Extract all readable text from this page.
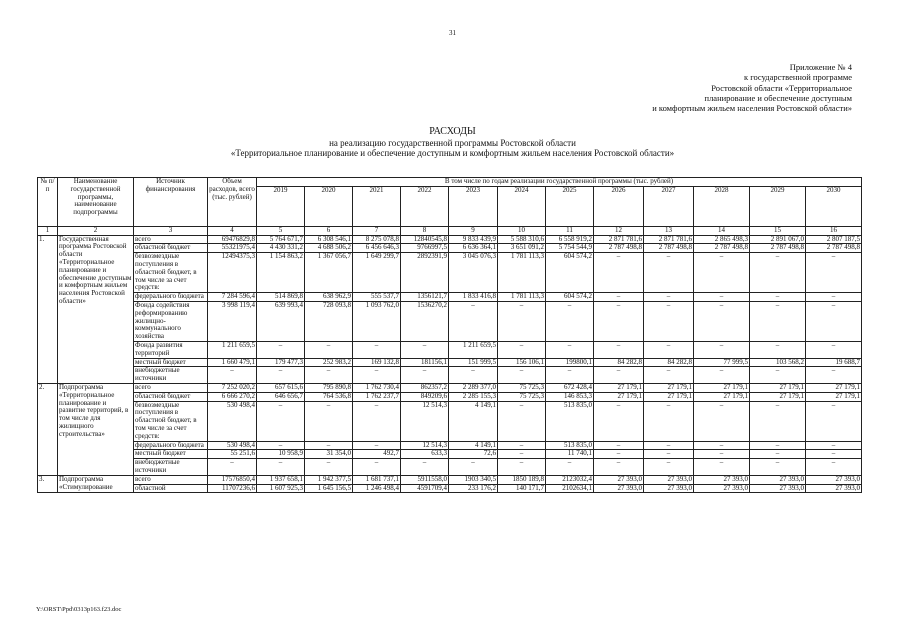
31
Приложение № 4
к государственной программе
Ростовской области «Территориальное
планирование и обеспечение доступным
и комфортным жильем населения Ростовской области»
РАСХОДЫ
на реализацию государственной программы Ростовской области
«Территориальное планирование и обеспечение доступным и комфортным жильем населения Ростовской области»
№ п/п	Наименование государственной программы, наименование подпрограммы	Источник финансирования	Объем расходов, всего (тыс. рублей)	В том числе по годам реализации государственной программы (тыс. рублей)											
				2019	2020	2021	2022	2023	2024	2025	2026	2027	2028	2029	2030
1	2	3	4	5	6	7	8	9	10	11	12	13	14	15	16
1.	Государственная программа Ростовской области «Территориальное планирование и обеспечение доступным и комфортным жильем населения Ростовской области»	всего	69476829,8	5 764 671,7	6 308 546,1	8 275 078,8	12840545,8	9 833 439,9	5 588 310,6	6 558 919,2	2 871 781,6	2 871 781,6	2 865 498,3	2 891 067,0	2 807 187,5
		областной бюджет	55321975,4	4 430 331,2	4 688 506,2	6 456 646,3	9766997,5	6 636 364,1	3 651 091,2	5 754 544,9	2 787 498,8	2 787 498,8	2 787 498,8	2 787 498,8	2 787 498,8
		безвозмездные поступления в областной бюджет, в том числе за счет средств:	12494375,3	1 154 863,2	1 367 056,7	1 649 299,7	2892391,9	3 045 076,3	1 781 113,3	604 574,2	–	–	–	–	–
		федерального бюджета	7 284 596,4	514 869,8	638 962,9	555 537,7	1356121,7	1 833 416,8	1 781 113,3	604 574,2	–	–	–	–	–
		Фонда содействия реформированию жилищно-коммунального хозяйства	3 998 119,4	639 993,4	728 093,8	1 093 762,0	1536270,2	–	–	–	–	–	–	–	–
		Фонда развития территорий	1 211 659,5	–	–	–	–	1 211 659,5	–	–	–	–	–	–	–
		местный бюджет	1 660 479,1	179 477,3	252 983,2	169 132,8	181156,1	151 999,5	156 106,1	199800,1	84 282,8	84 282,8	77 999,5	103 568,2	19 688,7
		внебюджетные источники	–	–	–	–	–	–	–	–	–	–	–	–	–
2.	Подпрограмма «Территориальное планирование и развитие территорий, в том числе для жилищного строительства»	всего	7 252 020,2	657 615,6	795 890,8	1 762 730,4	862357,2	2 289 377,0	75 725,3	672 428,4	27 179,1	27 179,1	27 179,1	27 179,1	27 179,1
		областной бюджет	6 666 270,2	646 656,7	764 536,8	1 762 237,7	849209,6	2 285 155,3	75 725,3	146 853,3	27 179,1	27 179,1	27 179,1	27 179,1	27 179,1
		безвозмездные поступления в областной бюджет, в том числе за счет средств:	530 498,4	–	–	–	12 514,3	4 149,1	–	513 835,0	–	–	–	–	–
		федерального бюджета	530 498,4	–	–	–	12 514,3	4 149,1	–	513 835,0	–	–	–	–	–
		местный бюджет	55 251,6	10 958,9	31 354,0	492,7	633,3	72,6	–	11 740,1	–	–	–	–	–
		внебюджетные источники	–	–	–	–	–	–	–	–	–	–	–	–	–
3.	Подпрограмма «Стимулирование	всего	17576850,4	1 937 658,1	1 942 377,5	1 681 737,1	5911558,0	1903 340,5	1850 189,8	2123032,4	27 393,0	27 393,0	27 393,0	27 393,0	27 393,0
		областной	11707236,6	1 607 925,3	1 645 156,5	1 246 498,4	4591709,4	233 176,2	140 171,7	2102634,1	27 393,0	27 393,0	27 393,0	27 393,0	27 393,0
Y:\ORST\Ppd\0313p163.f23.doc
